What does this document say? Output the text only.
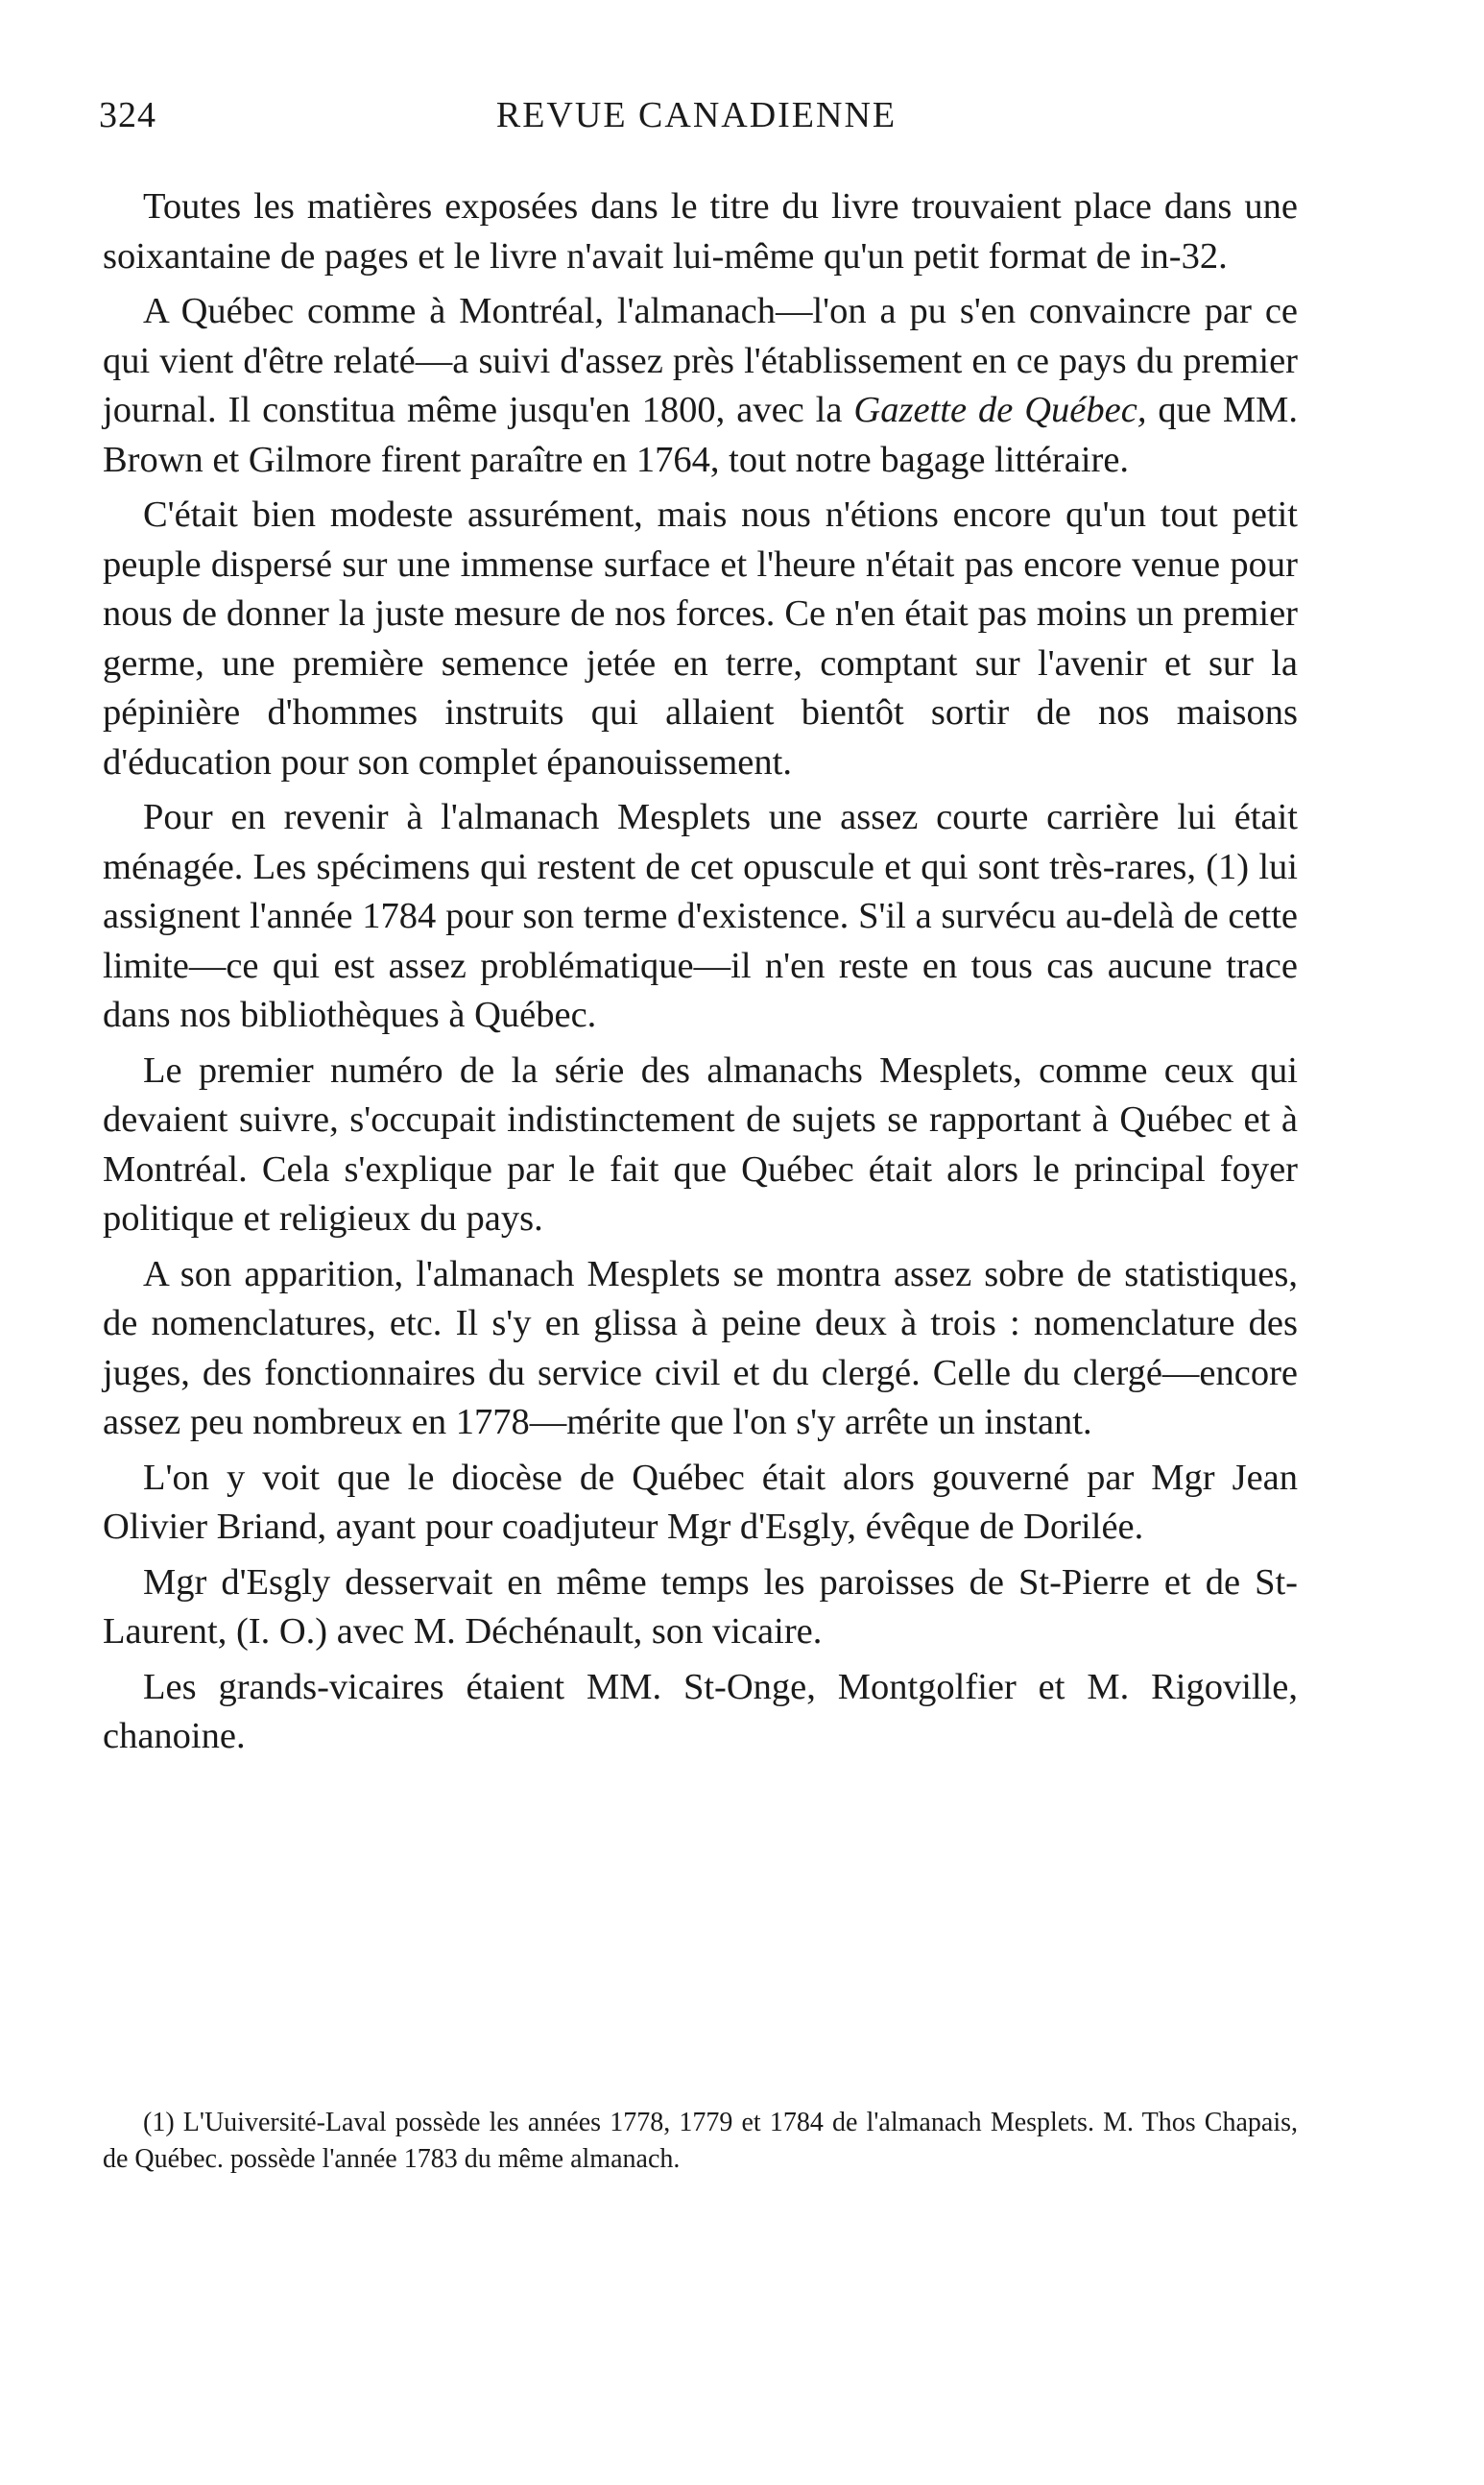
324	REVUE CANADIENNE

Toutes les matières exposées dans le titre du livre trouvaient place dans une soixantaine de pages et le livre n'avait lui-même qu'un petit format de in-32.

A Québec comme à Montréal, l'almanach—l'on a pu s'en convaincre par ce qui vient d'être relaté—a suivi d'assez près l'établissement en ce pays du premier journal. Il constitua même jusqu'en 1800, avec la Gazette de Québec, que MM. Brown et Gilmore firent paraître en 1764, tout notre bagage littéraire.

C'était bien modeste assurément, mais nous n'étions encore qu'un tout petit peuple dispersé sur une immense surface et l'heure n'était pas encore venue pour nous de donner la juste mesure de nos forces. Ce n'en était pas moins un premier germe, une première semence jetée en terre, comptant sur l'avenir et sur la pépinière d'hommes instruits qui allaient bientôt sortir de nos maisons d'éducation pour son complet épanouissement.

Pour en revenir à l'almanach Mesplets une assez courte carrière lui était ménagée. Les spécimens qui restent de cet opuscule et qui sont très-rares, (1) lui assignent l'année 1784 pour son terme d'existence. S'il a survécu au-delà de cette limite—ce qui est assez problématique—il n'en reste en tous cas aucune trace dans nos bibliothèques à Québec.

Le premier numéro de la série des almanachs Mesplets, comme ceux qui devaient suivre, s'occupait indistinctement de sujets se rapportant à Québec et à Montréal. Cela s'explique par le fait que Québec était alors le principal foyer politique et religieux du pays.

A son apparition, l'almanach Mesplets se montra assez sobre de statistiques, de nomenclatures, etc. Il s'y en glissa à peine deux à trois : nomenclature des juges, des fonctionnaires du service civil et du clergé. Celle du clergé—encore assez peu nombreux en 1778—mérite que l'on s'y arrête un instant.

L'on y voit que le diocèse de Québec était alors gouverné par Mgr Jean Olivier Briand, ayant pour coadjuteur Mgr d'Esgly, évêque de Dorilée.

Mgr d'Esgly desservait en même temps les paroisses de St-Pierre et de St-Laurent, (I. O.) avec M. Déchénault, son vicaire.

Les grands-vicaires étaient MM. St-Onge, Montgolfier et M. Rigoville, chanoine.

(1) L'Uuiversité-Laval possède les années 1778, 1779 et 1784 de l'almanach Mesplets. M. Thos Chapais, de Québec. possède l'année 1783 du même almanach.
